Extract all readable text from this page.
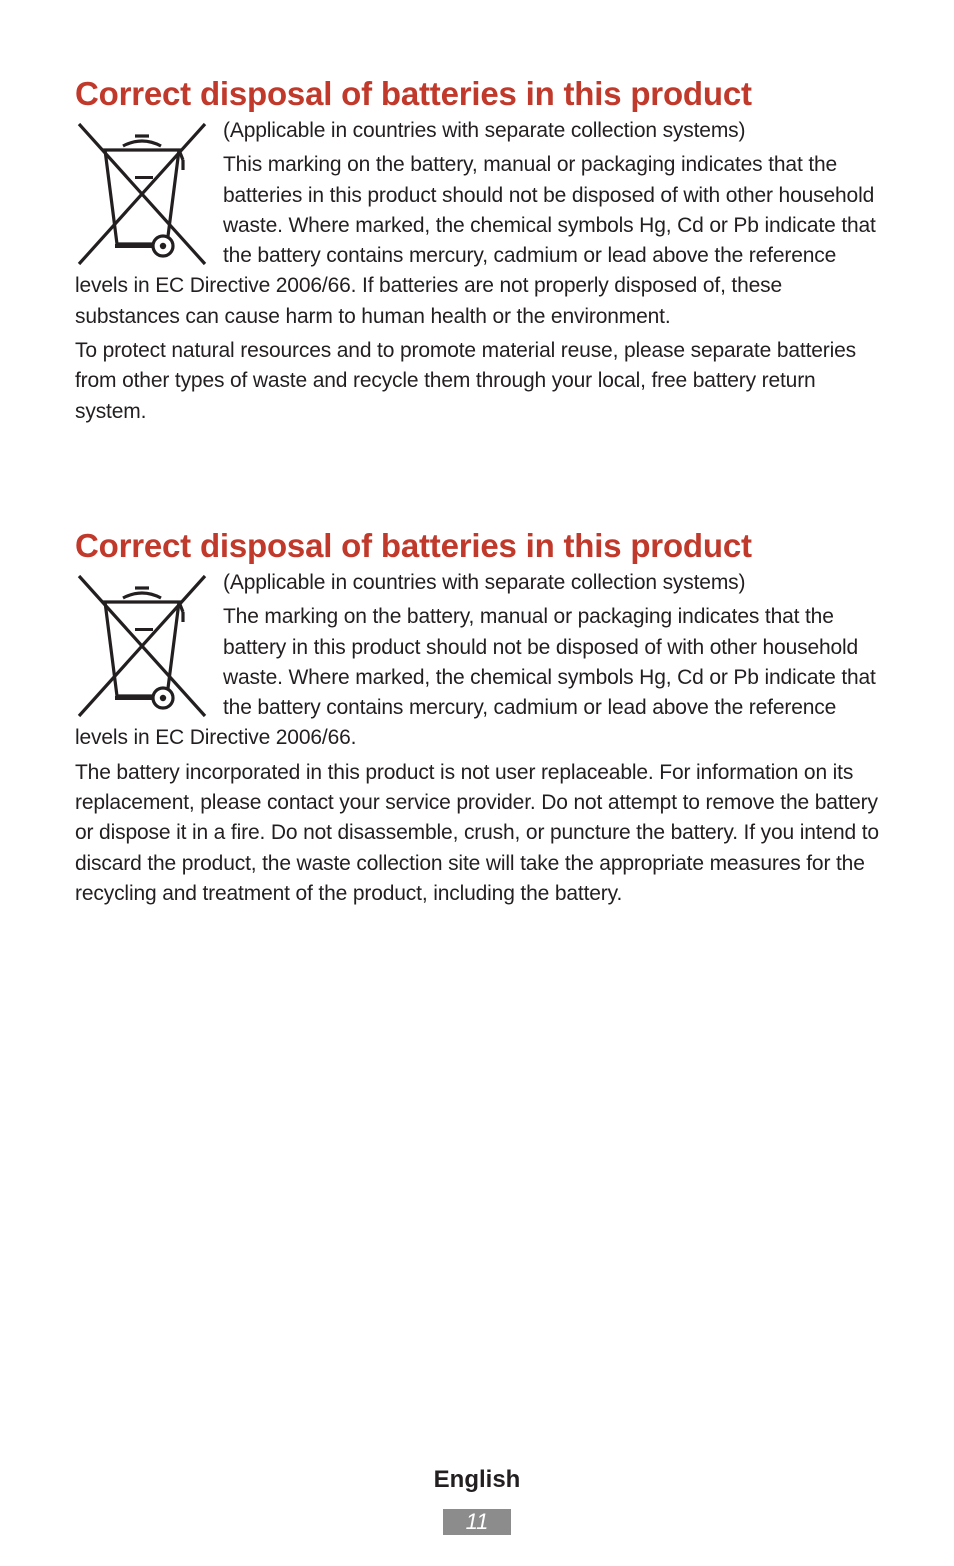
Correct disposal of batteries in this product

(Applicable in countries with separate collection systems)

This marking on the battery, manual or packaging indicates that the batteries in this product should not be disposed of with other household waste. Where marked, the chemical symbols Hg, Cd or Pb indicate that the battery contains mercury, cadmium or lead above the reference levels in EC Directive 2006/66. If batteries are not properly disposed of, these substances can cause harm to human health or the environment.

To protect natural resources and to promote material reuse, please separate batteries from other types of waste and recycle them through your local, free battery return system.

Correct disposal of batteries in this product

(Applicable in countries with separate collection systems)

The marking on the battery, manual or packaging indicates that the battery in this product should not be disposed of with other household waste. Where marked, the chemical symbols Hg, Cd or Pb indicate that the battery contains mercury, cadmium or lead above the reference levels in EC Directive 2006/66.

The battery incorporated in this product is not user replaceable. For information on its replacement, please contact your service provider. Do not attempt to remove the battery or dispose it in a fire. Do not disassemble, crush, or puncture the battery. If you intend to discard the product, the waste collection site will take the appropriate measures for the recycling and treatment of the product, including the battery.

English
11
